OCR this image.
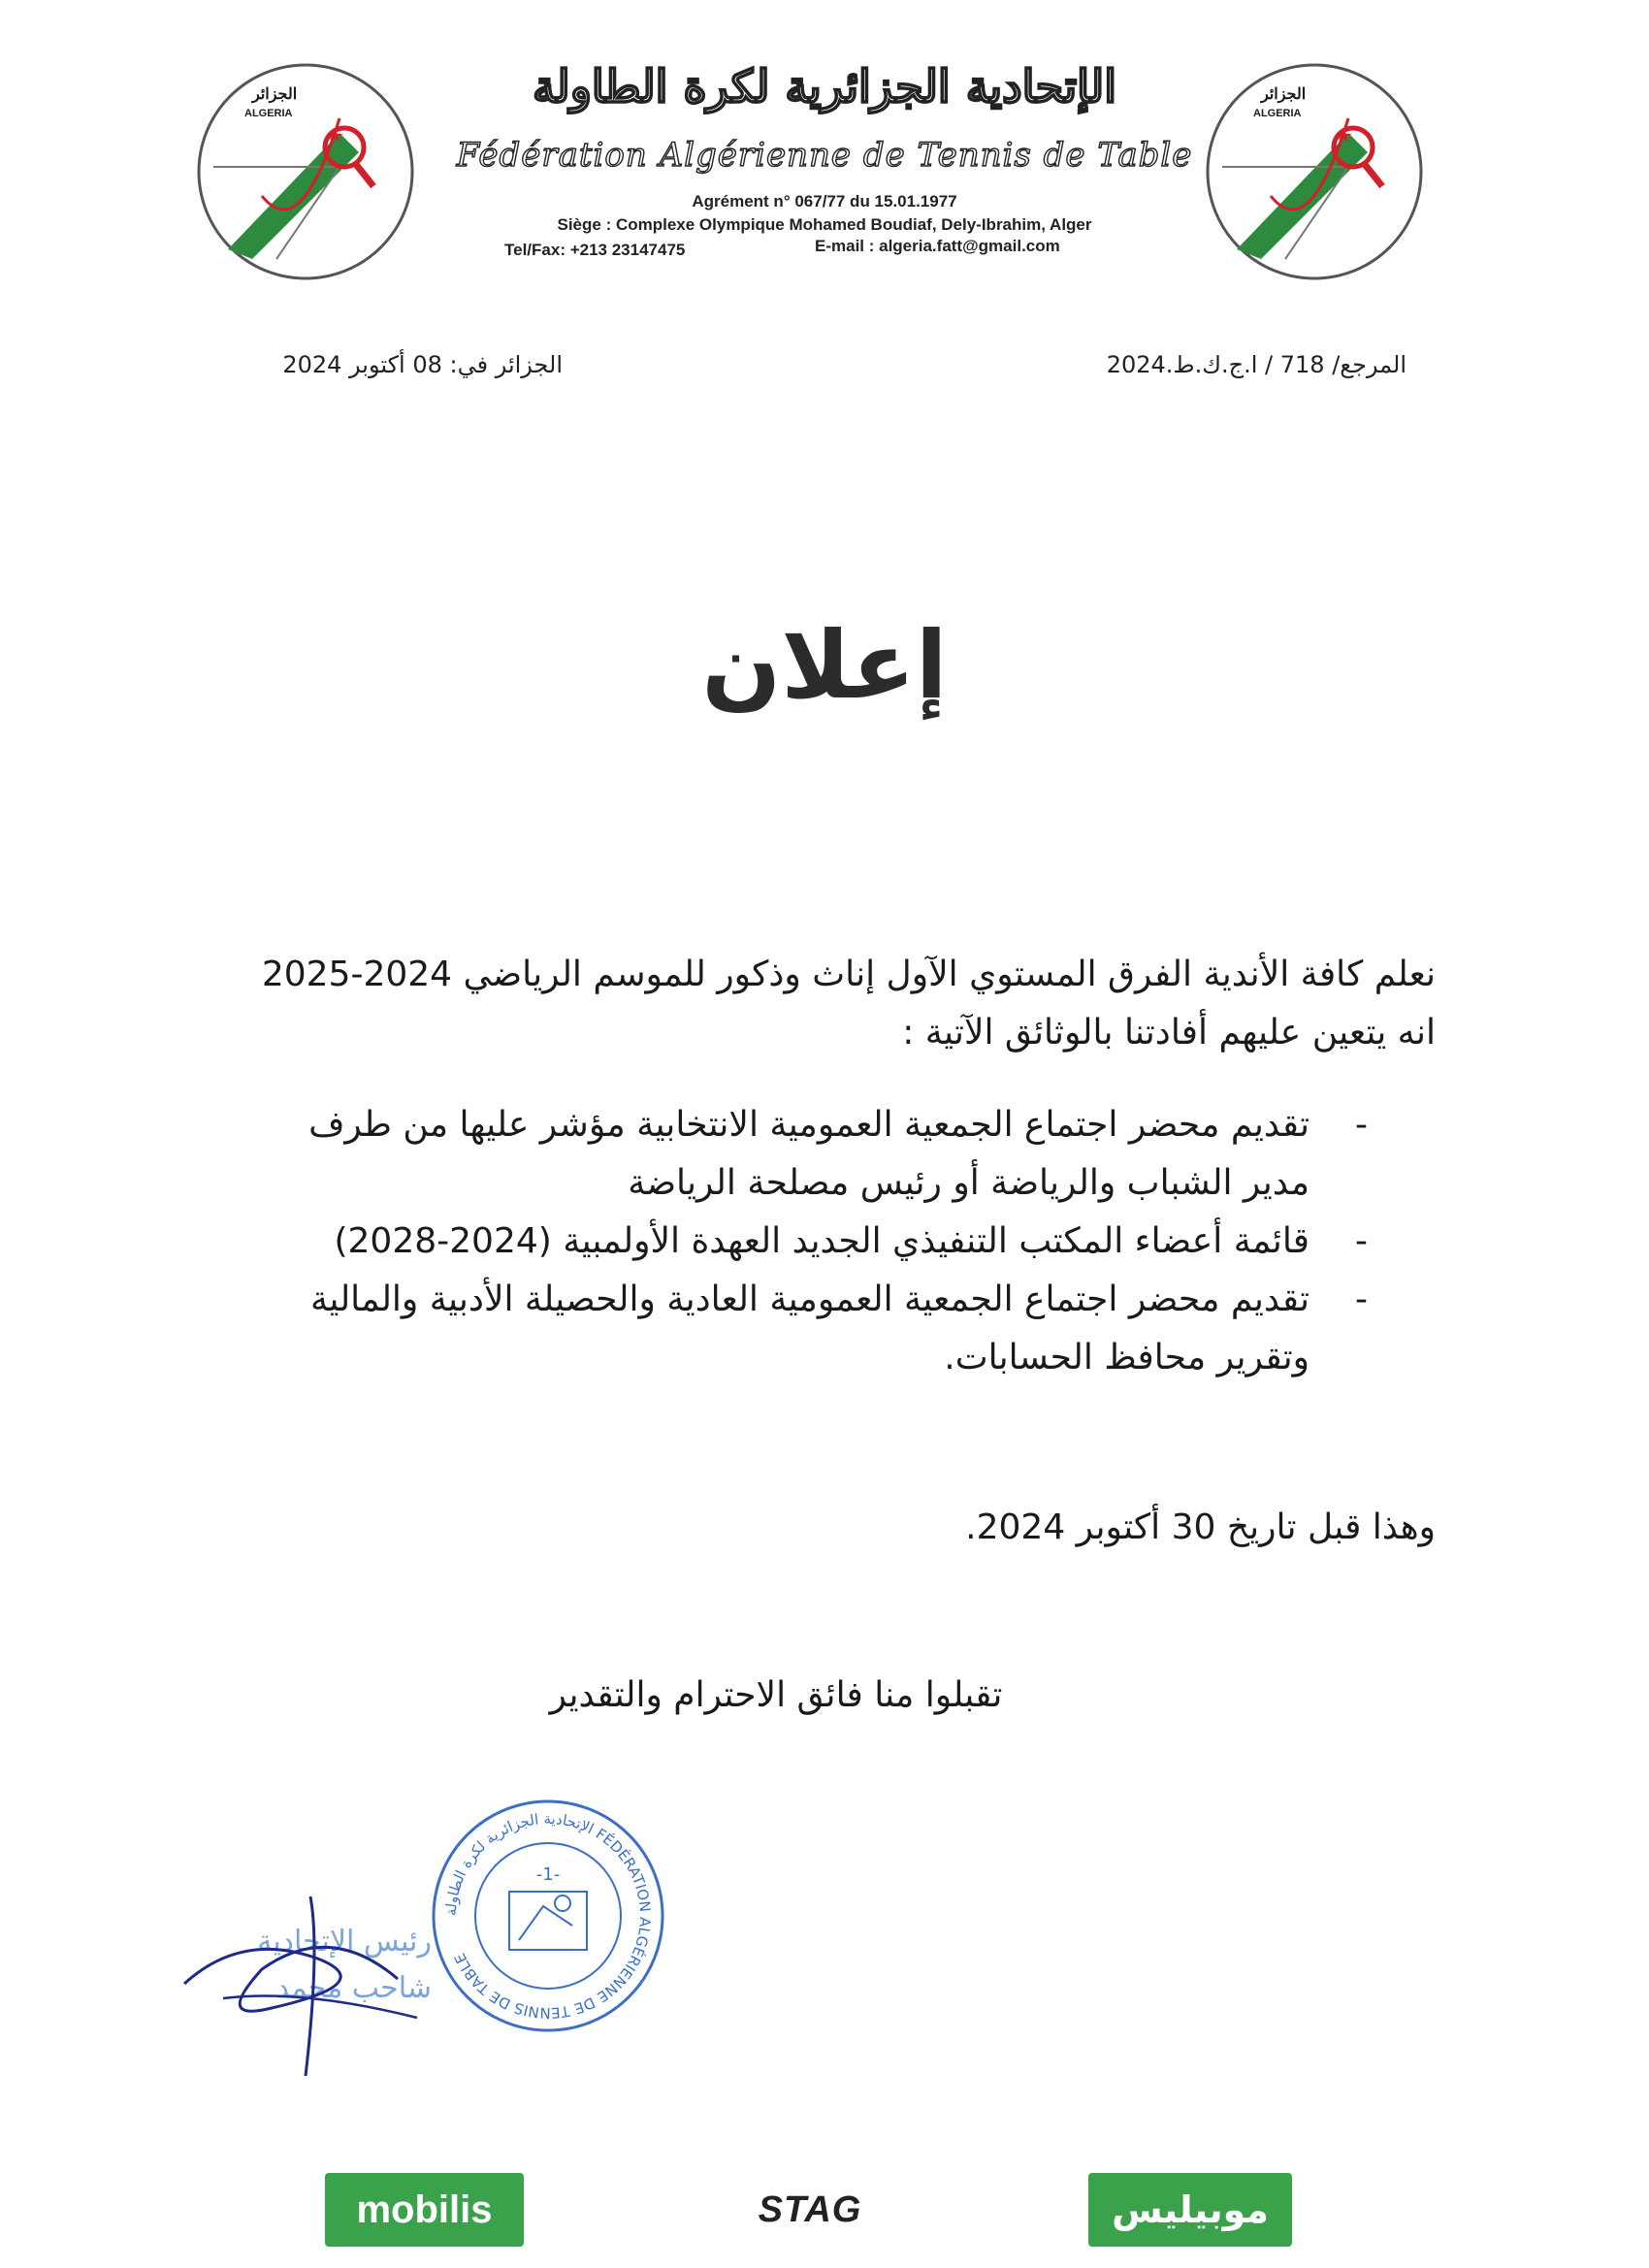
الجزائر
ALGERIA
الجزائر
ALGERIA
الإتحادية الجزائرية لكرة الطاولة
Fédération Algérienne de Tennis de Table
Agrément n° 067/77 du 15.01.1977
Siège : Complexe Olympique Mohamed Boudiaf, Dely-Ibrahim, Alger
Tel/Fax: +213 23147475	E-mail : algeria.fatt@gmail.com
المرجع/ 718 / ا.ج.ك.ط.2024
الجزائر في: 08 أكتوبر 2024
إعلان
نعلم كافة الأندية الفرق المستوي الآول إناث وذكور للموسم الرياضي 2024-2025 انه يتعين عليهم أفادتنا بالوثائق الآتية :
-
تقديم محضر اجتماع الجمعية العمومية الانتخابية مؤشر عليها من طرف مدير الشباب والرياضة أو رئيس مصلحة الرياضة
-
قائمة أعضاء المكتب التنفيذي الجديد العهدة الأولمبية (2024-2028)
-
تقديم محضر اجتماع الجمعية العمومية العادية والحصيلة الأدبية والمالية وتقرير محافظ الحسابات.
وهذا قبل تاريخ 30 أكتوبر 2024.
تقبلوا منا فائق الاحترام والتقدير
رئيس الإتحادية
شاحب محمد
الإتحادية الجزائرية لكرة الطاولة FÉDÉRATION ALGÉRIENNE DE TENNIS DE TABLE
-1-
mobilis	STAG	موبيليس
